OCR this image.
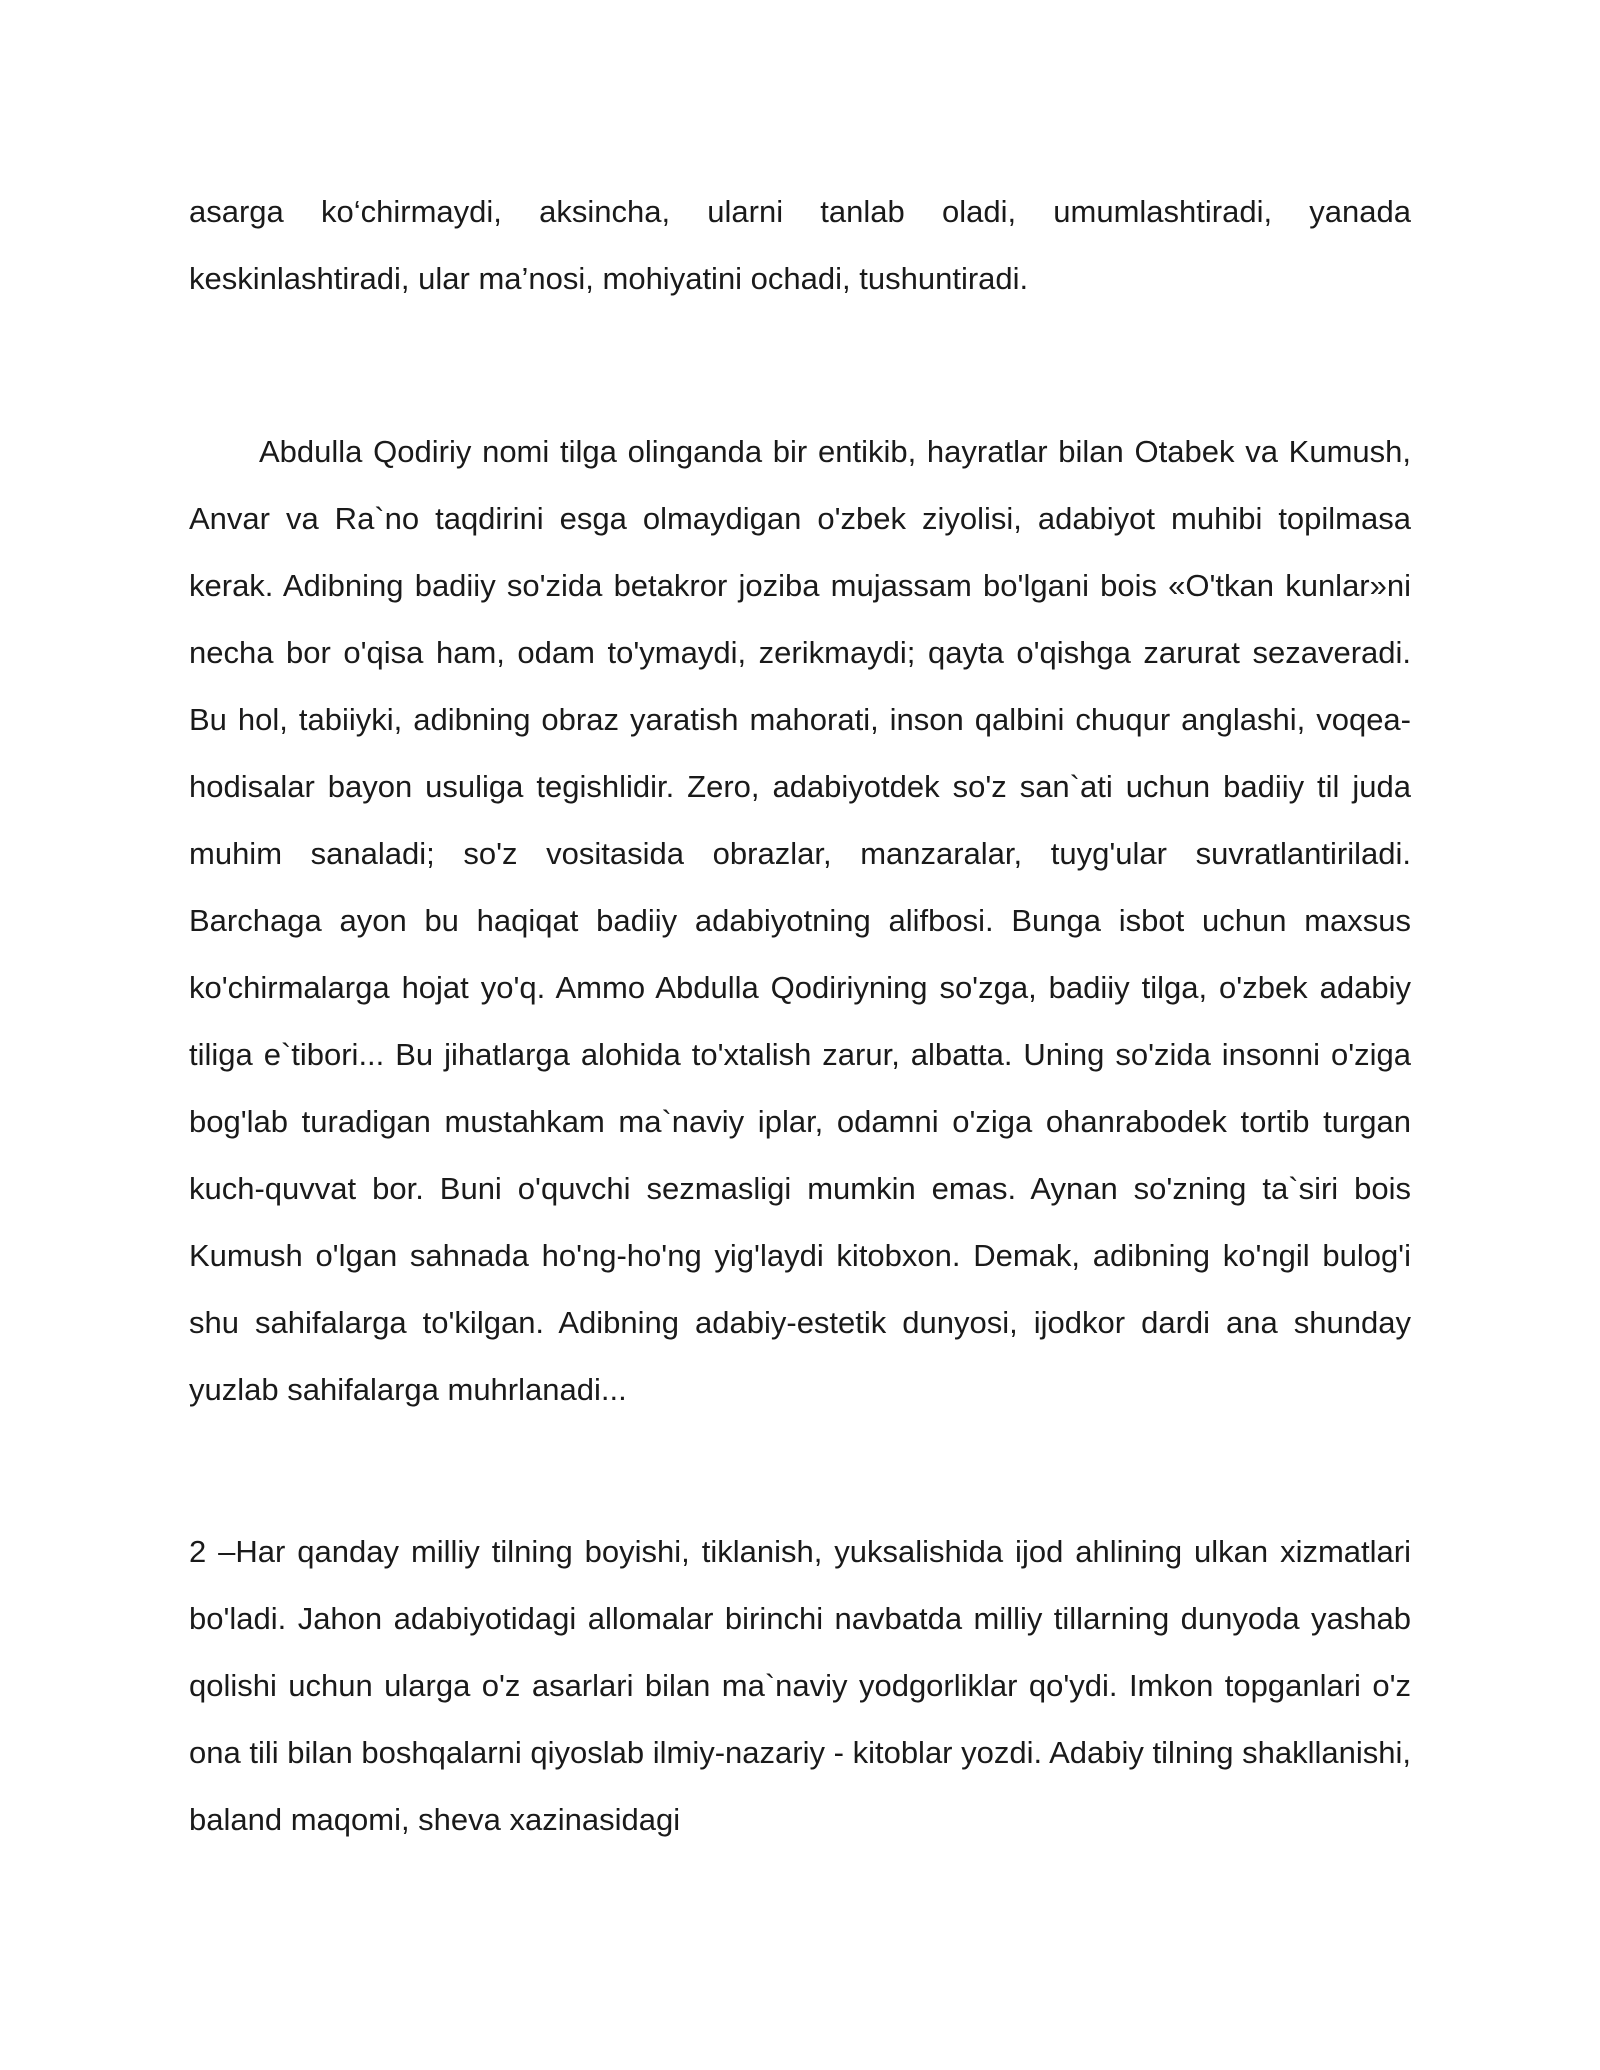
asarga ko‘chirmaydi, aksincha, ularni tanlab oladi, umumlashtiradi, yanada keskinlashtiradi, ular ma’nosi, mohiyatini ochadi, tushuntiradi.

Abdulla Qodiriy nomi tilga olinganda bir entikib, hayratlar bilan Otabek va Kumush, Anvar va Ra`no taqdirini esga olmaydigan o'zbek ziyolisi, adabiyot muhibi topilmasa kerak. Adibning badiiy so'zida betakror joziba mujassam bo'lgani bois «O'tkan kunlar»ni necha bor o'qisa ham, odam to'ymaydi, zerikmaydi; qayta o'qishga zarurat sezaveradi. Bu hol, tabiiyki, adibning obraz yaratish mahorati, inson qalbini chuqur anglashi, voqea-hodisalar bayon usuliga tegishlidir. Zero, adabiyotdek so'z san`ati uchun badiiy til juda muhim sanaladi; so'z vositasida obrazlar, manzaralar, tuyg'ular suvratlantiriladi. Barchaga ayon bu haqiqat badiiy adabiyotning alifbosi. Bunga isbot uchun maxsus ko'chirmalarga hojat yo'q. Ammo Abdulla Qodiriyning so'zga, badiiy tilga, o'zbek adabiy tiliga e`tibori... Bu jihatlarga alohida to'xtalish zarur, albatta. Uning so'zida insonni o'ziga bog'lab turadigan mustahkam ma`naviy iplar, odamni o'ziga ohanrabodek tortib turgan kuch-quvvat bor. Buni o'quvchi sezmasligi mumkin emas. Aynan so'zning ta`siri bois Kumush o'lgan sahnada ho'ng-ho'ng yig'laydi kitobxon. Demak, adibning ko'ngil bulog'i shu sahifalarga to'kilgan. Adibning adabiy-estetik dunyosi, ijodkor dardi ana shunday yuzlab sahifalarga muhrlanadi...

2 –Har qanday milliy tilning boyishi, tiklanish, yuksalishida ijod ahlining ulkan xizmatlari bo'ladi. Jahon adabiyotidagi allomalar birinchi navbatda milliy tillarning dunyoda yashab qolishi uchun ularga o'z asarlari bilan ma`naviy yodgorliklar qo'ydi. Imkon topganlari o'z ona tili bilan boshqalarni qiyoslab ilmiy-nazariy - kitoblar yozdi. Adabiy tilning shakllanishi, baland maqomi, sheva xazinasidagi
